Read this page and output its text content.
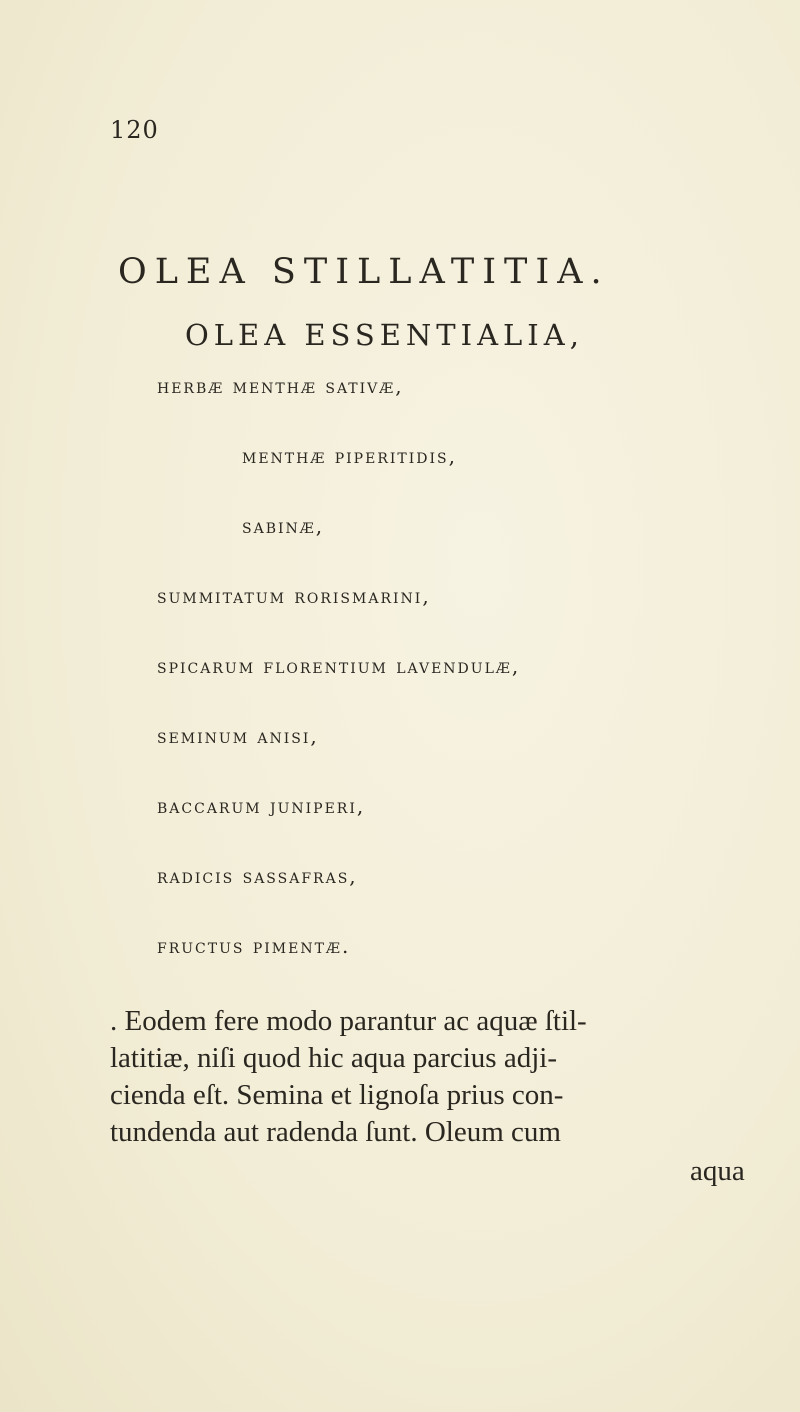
120
OLEA STILLATITIA.
OLEA ESSENTIALIA,
herbæ menthæ sativæ,
menthæ piperitidis,
sabinæ,
summitatum rorismarini,
spicarum florentium lavendulæ,
seminum anisi,
baccarum juniperi,
radicis sassafras,
fructus pimentæ.
. Eodem fere modo parantur ac aquæ ſtil-
latitiæ, niſi quod hic aqua parcius adji-
cienda eſt. Semina et lignoſa prius con-
tundenda aut radenda ſunt. Oleum cum
aqua
